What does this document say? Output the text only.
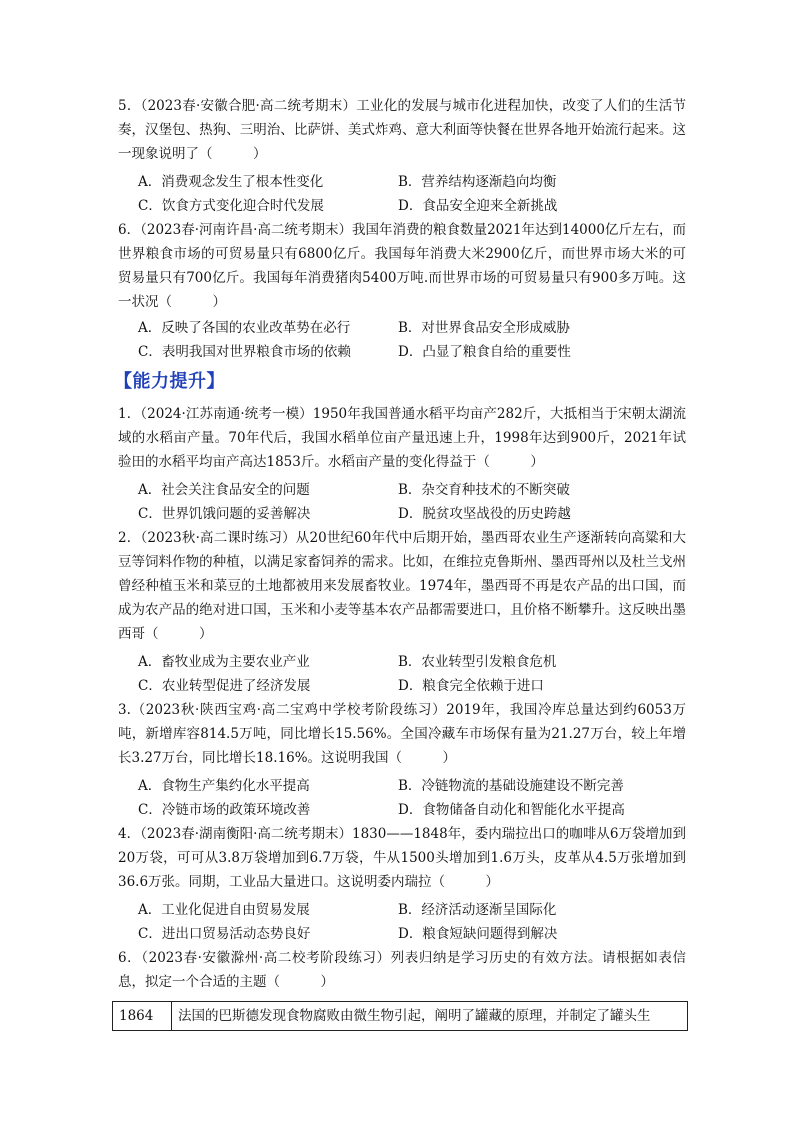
5．（2023春·安徽合肥·高二统考期末）工业化的发展与城市化进程加快，改变了人们的生活节奏，汉堡包、热狗、三明治、比萨饼、美式炸鸡、意大利面等快餐在世界各地开始流行起来。这一现象说明了（　　　）
A．消费观念发生了根本性变化	B．营养结构逐渐趋向均衡
C．饮食方式变化迎合时代发展	D．食品安全迎来全新挑战
6．（2023春·河南许昌·高二统考期末）我国年消费的粮食数量2021年达到14000亿斤左右，而世界粮食市场的可贸易量只有6800亿斤。我国每年消费大米2900亿斤，而世界市场大米的可贸易量只有700亿斤。我国每年消费猪肉5400万吨.而世界市场的可贸易量只有900多万吨。这一状况（　　　）
A．反映了各国的农业改革势在必行	B．对世界食品安全形成威胁
C．表明我国对世界粮食市场的依赖	D．凸显了粮食自给的重要性
【能力提升】
1．（2024·江苏南通·统考一模）1950年我国普通水稻平均亩产282斤，大抵相当于宋朝太湖流域的水稻亩产量。70年代后，我国水稻单位亩产量迅速上升，1998年达到900斤，2021年试验田的水稻平均亩产高达1853斤。水稻亩产量的变化得益于（　　　）
A．社会关注食品安全的问题	B．杂交育种技术的不断突破
C．世界饥饿问题的妥善解决	D．脱贫攻坚战役的历史跨越
2．（2023秋·高二课时练习）从20世纪60年代中后期开始，墨西哥农业生产逐渐转向高粱和大豆等饲料作物的种植，以满足家畜饲养的需求。比如，在维拉克鲁斯州、墨西哥州以及杜兰戈州曾经种植玉米和菜豆的土地都被用来发展畜牧业。1974年，墨西哥不再是农产品的出口国，而成为农产品的绝对进口国，玉米和小麦等基本农产品都需要进口，且价格不断攀升。这反映出墨西哥（　　　）
A．畜牧业成为主要农业产业	B．农业转型引发粮食危机
C．农业转型促进了经济发展	D．粮食完全依赖于进口
3.（2023秋·陕西宝鸡·高二宝鸡中学校考阶段练习）2019年，我国冷库总量达到约6053万吨，新增库容814.5万吨，同比增长15.56%。全国冷藏车市场保有量为21.27万台，较上年增长3.27万台，同比增长18.16%。这说明我国（　　　）
A．食物生产集约化水平提高	B．冷链物流的基础设施建设不断完善
C．冷链市场的政策环境改善	D．食物储备自动化和智能化水平提高
4．（2023春·湖南衡阳·高二统考期末）1830——1848年，委内瑞拉出口的咖啡从6万袋增加到20万袋，可可从3.8万袋增加到6.7万袋，牛从1500头增加到1.6万头，皮革从4.5万张增加到36.6万张。同期，工业品大量进口。这说明委内瑞拉（　　　）
A．工业化促进自由贸易发展	B．经济活动逐渐呈国际化
C．进出口贸易活动态势良好	D．粮食短缺问题得到解决
6．（2023春·安徽滁州·高二校考阶段练习）列表归纳是学习历史的有效方法。请根据如表信息，拟定一个合适的主题（　　　）
1864	法国的巴斯德发现食物腐败由微生物引起，阐明了罐藏的原理，并制定了罐头生
